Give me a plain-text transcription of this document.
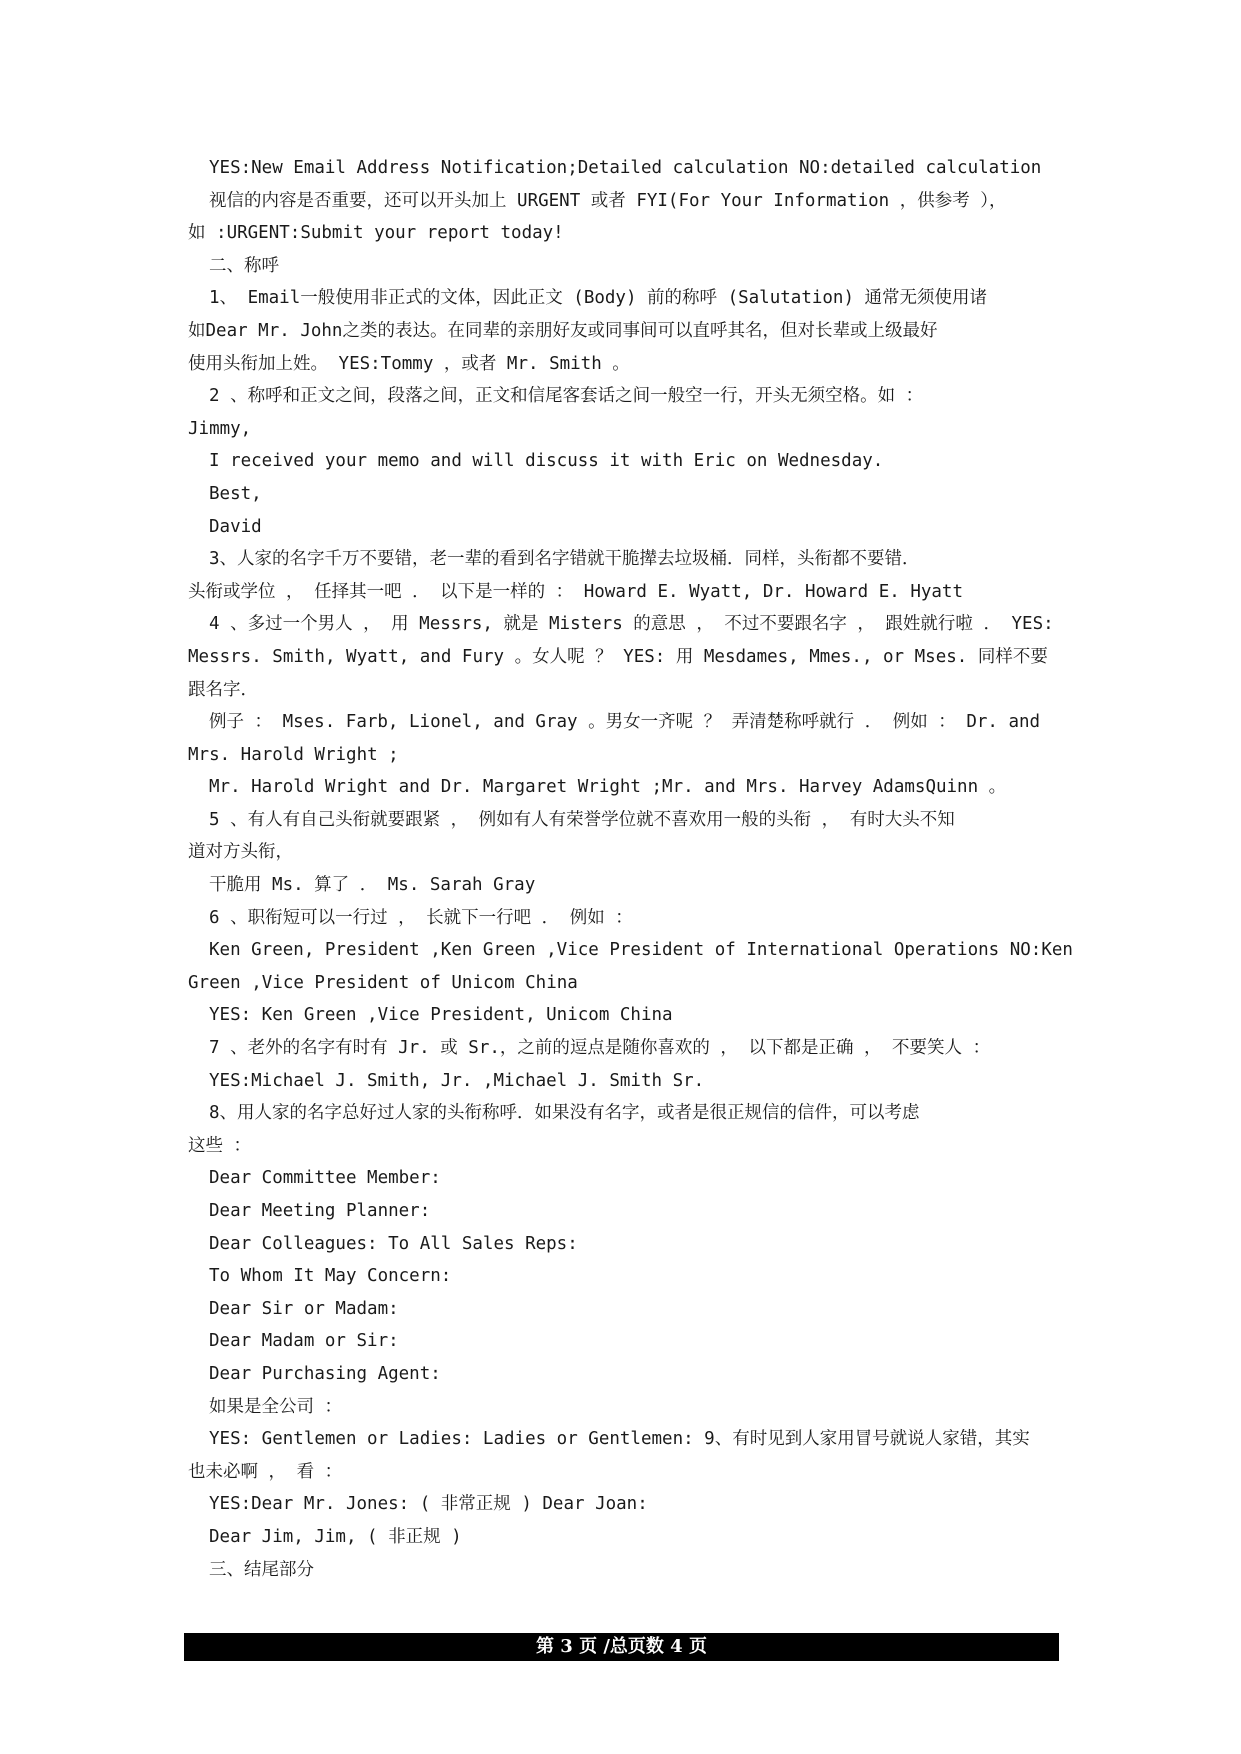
YES:New Email Address Notification;Detailed calculation NO:detailed calculation
视信的内容是否重要，还可以开头加上 URGENT 或者 FYI(For Your Information ，供参考 ），
如 :URGENT:Submit your report today!
二、称呼
1、 Email一般使用非正式的文体，因此正文 (Body) 前的称呼 (Salutation) 通常无须使用诸
如Dear Mr. John之类的表达。在同辈的亲朋好友或同事间可以直呼其名，但对长辈或上级最好
使用头衔加上姓。 YES:Tommy ，或者 Mr. Smith 。
2 、称呼和正文之间，段落之间，正文和信尾客套话之间一般空一行，开头无须空格。如 ：
Jimmy,
I received your memo and will discuss it with Eric on Wednesday.
Best,
David
3、人家的名字千万不要错，老一辈的看到名字错就干脆撵去垃圾桶．同样，头衔都不要错．
头衔或学位 ， 任择其一吧 ． 以下是一样的 ： Howard E. Wyatt, Dr. Howard E. Hyatt
4 、多过一个男人 ， 用 Messrs, 就是 Misters 的意思 ， 不过不要跟名字 ， 跟姓就行啦 ． YES:
Messrs. Smith, Wyatt, and Fury 。女人呢 ？ YES: 用 Mesdames, Mmes., or Mses. 同样不要
跟名字．
例子 ： Mses. Farb, Lionel, and Gray 。男女一齐呢 ？ 弄清楚称呼就行 ． 例如 ： Dr. and
Mrs. Harold Wright ;
Mr. Harold Wright and Dr. Margaret Wright ;Mr. and Mrs. Harvey AdamsQuinn 。
5 、有人有自己头衔就要跟紧 ， 例如有人有荣誉学位就不喜欢用一般的头衔 ， 有时大头不知
道对方头衔，
干脆用 Ms. 算了 ． Ms. Sarah Gray
6 、职衔短可以一行过 ， 长就下一行吧 ． 例如 ：
Ken Green, President ,Ken Green ,Vice President of International Operations NO:Ken
Green ,Vice President of Unicom China
YES: Ken Green ,Vice President, Unicom China
7 、老外的名字有时有 Jr. 或 Sr.，之前的逗点是随你喜欢的 ， 以下都是正确 ， 不要笑人 ：
YES:Michael J. Smith, Jr. ,Michael J. Smith Sr.
8、用人家的名字总好过人家的头衔称呼．如果没有名字，或者是很正规信的信件，可以考虑
这些 ：
Dear Committee Member:
Dear Meeting Planner:
Dear Colleagues: To All Sales Reps:
To Whom It May Concern:
Dear Sir or Madam:
Dear Madam or Sir:
Dear Purchasing Agent:
如果是全公司 ：
YES: Gentlemen or Ladies: Ladies or Gentlemen: 9、有时见到人家用冒号就说人家错，其实
也未必啊 ， 看 ：
YES:Dear Mr. Jones: ( 非常正规 ) Dear Joan:
Dear Jim, Jim, ( 非正规 )
三、结尾部分
第 3 页 /总页数 4 页
